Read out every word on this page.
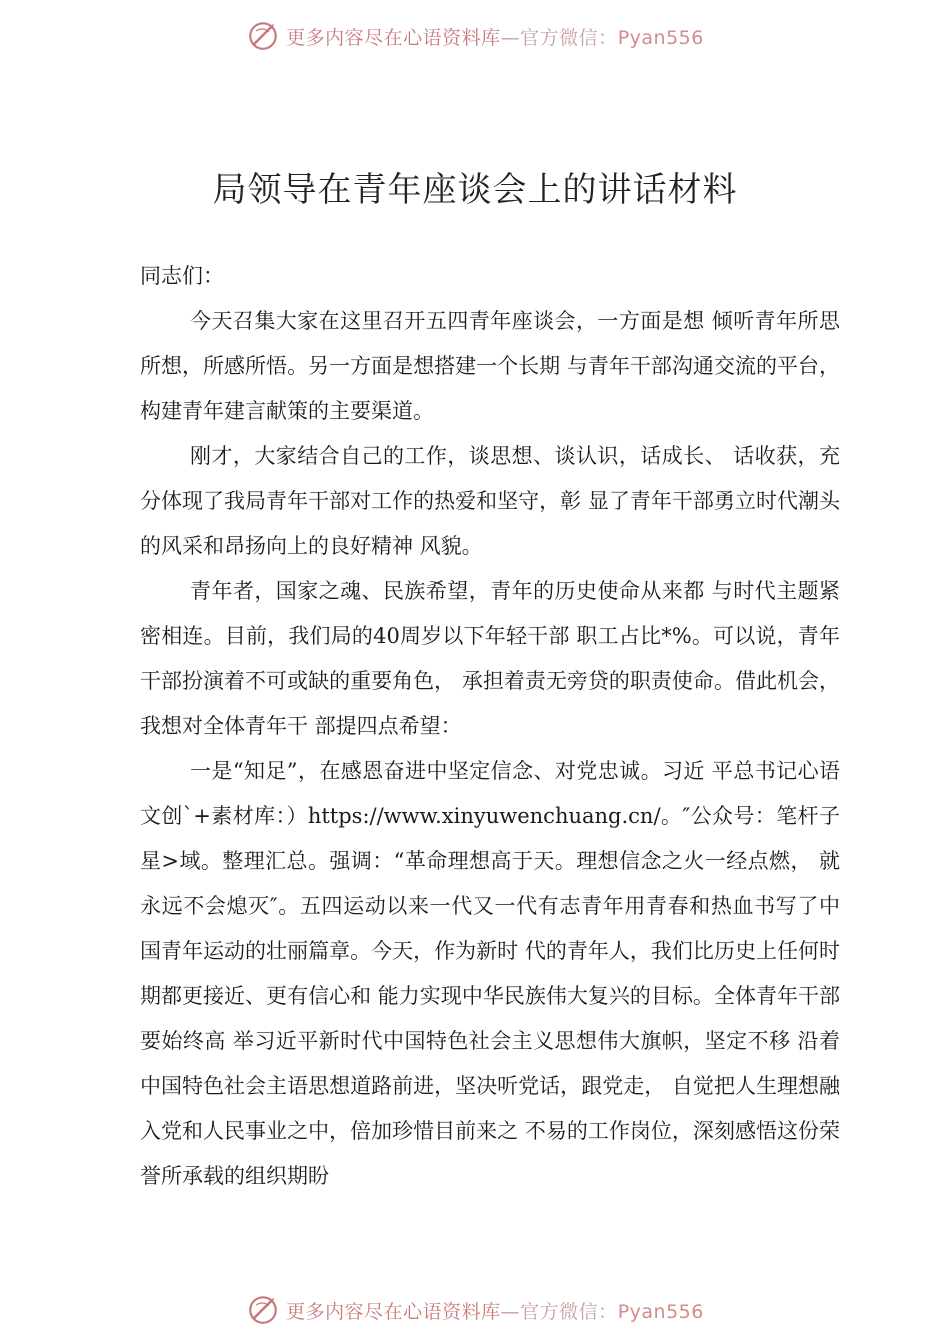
更多内容尽在心语资料库—官方微信：Pyan556
局领导在青年座谈会上的讲话材料

同志们：

今天召集大家在这里召开五四青年座谈会，一方面是想 倾听青年所思所想，所感所悟。另一方面是想搭建一个长期 与青年干部沟通交流的平台，构建青年建言献策的主要渠道。

刚才，大家结合自己的工作，谈思想、谈认识，话成长、 话收获，充分体现了我局青年干部对工作的热爱和坚守，彰 显了青年干部勇立时代潮头的风采和昂扬向上的良好精神 风貌。

青年者，国家之魂、民族希望，青年的历史使命从来都 与时代主题紧密相连。目前，我们局的40周岁以下年轻干部 职工占比*%。可以说，青年干部扮演着不可或缺的重要角色， 承担着责无旁贷的职责使命。借此机会，我想对全体青年干 部提四点希望：

一是“知足”，在感恩奋进中坚定信念、对党忠诚。习近 平总书记心语文创`+素材库：）https://www.xinyuwenchuang.cn/。″公众号：笔杆子星>域。整理汇总。强调：“革命理想高于天。理想信念之火一经点燃， 就永远不会熄灭″。五四运动以来一代又一代有志青年用青春和热血书写了中国青年运动的壮丽篇章。今天，作为新时 代的青年人，我们比历史上任何时期都更接近、更有信心和 能力实现中华民族伟大复兴的目标。全体青年干部要始终高 举习近平新时代中国特色社会主义思想伟大旗帜，坚定不移 沿着中国特色社会主语思想道路前进，坚决听党话，跟党走， 自觉把人生理想融入党和人民事业之中，倍加珍惜目前来之 不易的工作岗位，深刻感悟这份荣誉所承载的组织期盼

更多内容尽在心语资料库—官方微信：Pyan556
